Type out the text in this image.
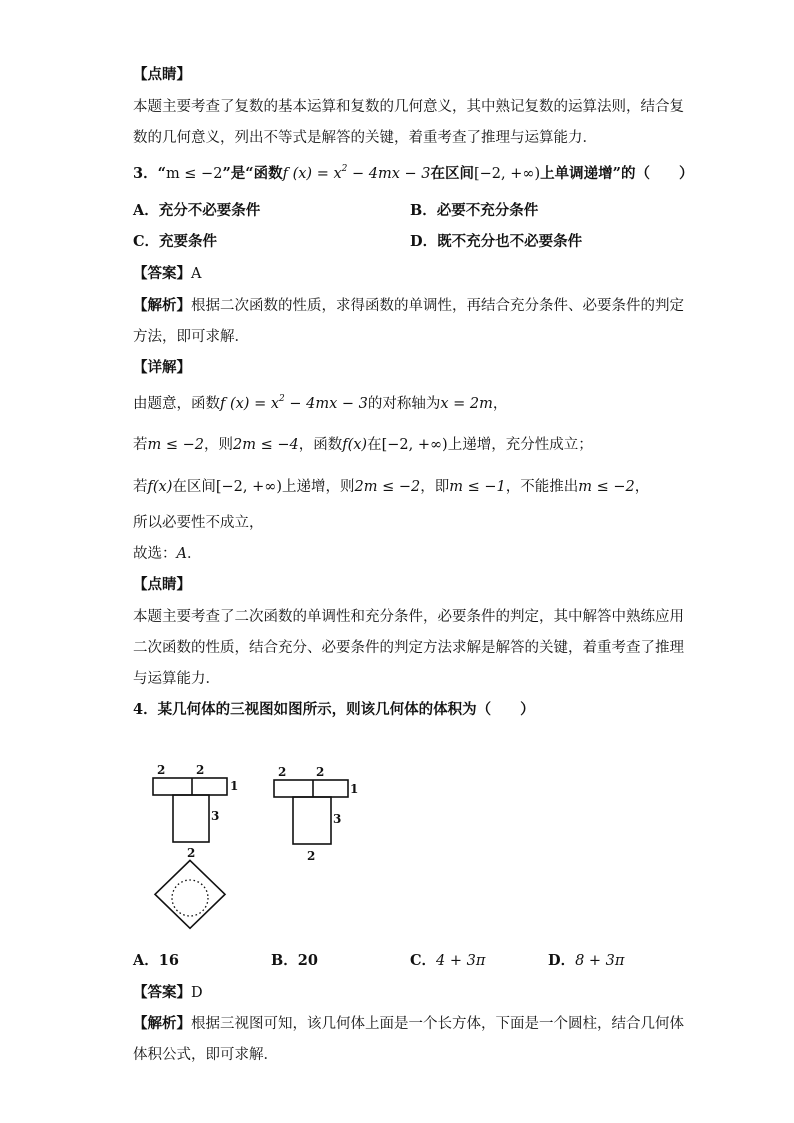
【点睛】
本题主要考查了复数的基本运算和复数的几何意义，其中熟记复数的运算法则，结合复
数的几何意义，列出不等式是解答的关键，着重考查了推理与运算能力．
3．“m ≤ −2”是“函数f $(x) = x^2 - 4mx - 3$在区间[−2, +∞)上单调递增”的（　　）
A．充分不必要条件	B．必要不充分条件
C．充要条件	D．既不充分也不必要条件
【答案】A
【解析】根据二次函数的性质，求得函数的单调性，再结合充分条件、必要条件的判定
方法，即可求解．
【详解】
由题意，函数f $(x) = x^2 - 4mx - 3$的对称轴为x = 2m，
若m ≤ −2，则2m ≤ −4，函数f(x)在[−2, +∞)上递增，充分性成立；
若f(x)在区间[−2, +∞)上递增，则2m ≤ −2，即m ≤ −1，不能推出m ≤ −2，
所以必要性不成立，
故选：A．
【点睛】
本题主要考查了二次函数的单调性和充分条件，必要条件的判定，其中解答中熟练应用
二次函数的性质，结合充分、必要条件的判定方法求解是解答的关键，着重考查了推理
与运算能力．
4．某几何体的三视图如图所示，则该几何体的体积为（　　）
2	2
1
3
2
2 2
1
3
2
A．16	B．20	C．4 + 3π	D．8 + 3π
【答案】D
【解析】根据三视图可知，该几何体上面是一个长方体，下面是一个圆柱，结合几何体
体积公式，即可求解．
